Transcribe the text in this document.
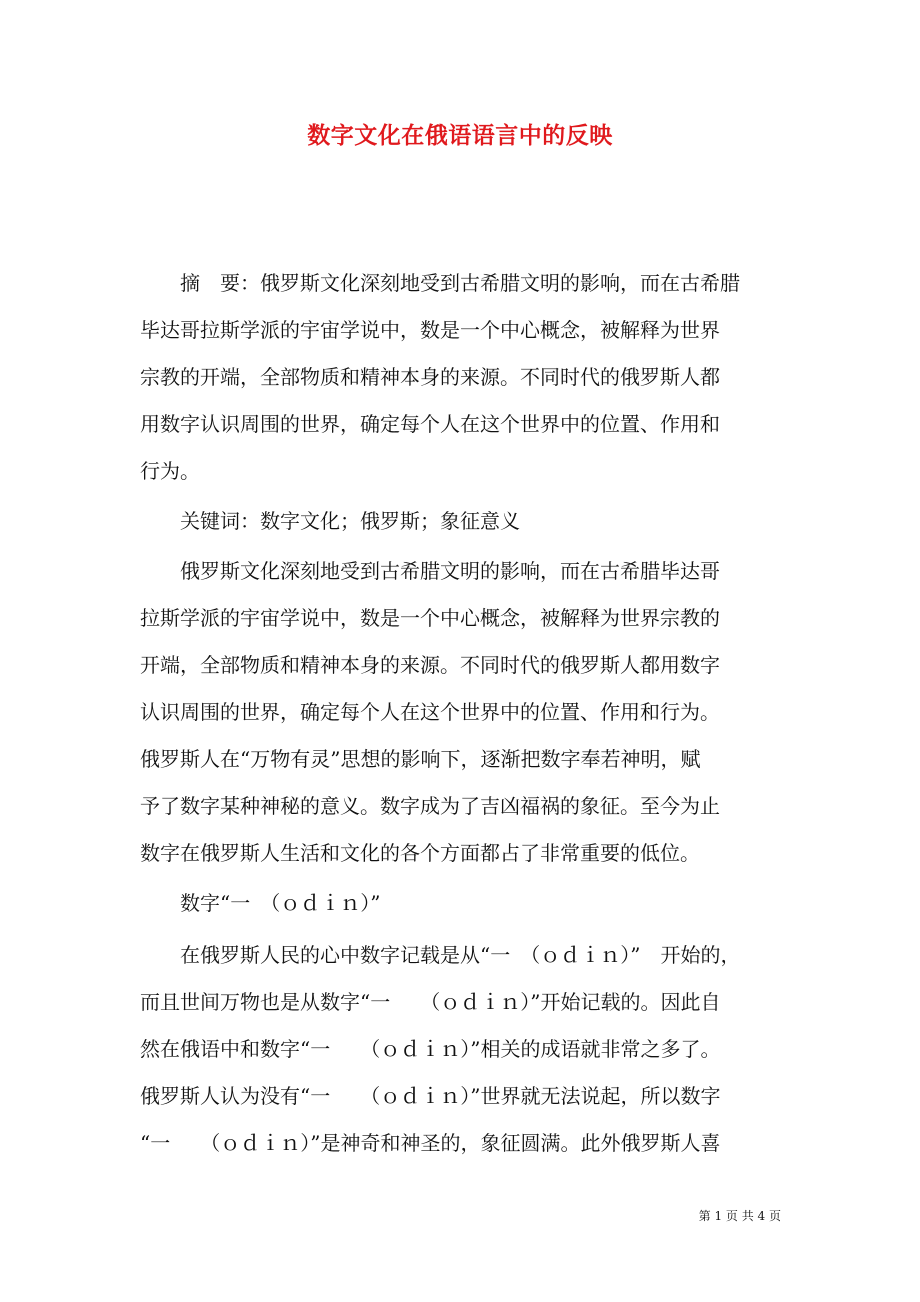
数字文化在俄语语言中的反映
　　摘　要：俄罗斯文化深刻地受到古希腊文明的影响，而在古希腊
毕达哥拉斯学派的宇宙学说中，数是一个中心概念，被解释为世界
宗教的开端，全部物质和精神本身的来源。不同时代的俄罗斯人都
用数字认识周围的世界，确定每个人在这个世界中的位置、作用和
行为。
　　关键词：数字文化；俄罗斯；象征意义
　　俄罗斯文化深刻地受到古希腊文明的影响，而在古希腊毕达哥
拉斯学派的宇宙学说中，数是一个中心概念，被解释为世界宗教的
开端，全部物质和精神本身的来源。不同时代的俄罗斯人都用数字
认识周围的世界，确定每个人在这个世界中的位置、作用和行为。
俄罗斯人在“万物有灵”思想的影响下，逐渐把数字奉若神明，赋
予了数字某种神秘的意义。数字成为了吉凶福祸的象征。至今为止
数字在俄罗斯人生活和文化的各个方面都占了非常重要的低位。
　　数字“一　（ｏｄｉｎ）”
　　在俄罗斯人民的心中数字记载是从“一　（ｏｄｉｎ）”　开始的，
而且世间万物也是从数字“一　　（ｏｄｉｎ）”开始记载的。因此自
然在俄语中和数字“一　　（ｏｄｉｎ）”相关的成语就非常之多了。
俄罗斯人认为没有“一　　（ｏｄｉｎ）”世界就无法说起，所以数字
“一　　（ｏｄｉｎ）”是神奇和神圣的，象征圆满。此外俄罗斯人喜
第 1 页 共 4 页
